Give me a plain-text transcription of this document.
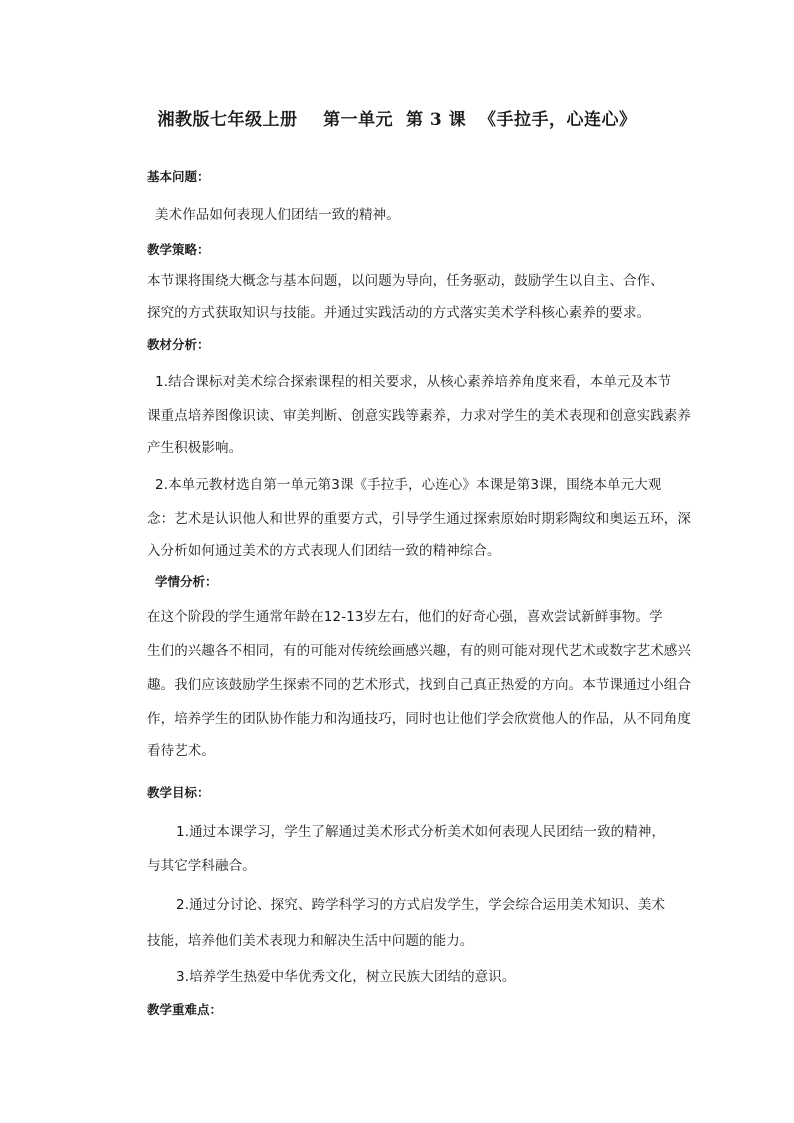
湘教版七年级上册    第一单元  第 3 课  《手拉手，心连心》
基本问题：
美术作品如何表现人们团结一致的精神。
教学策略：
本节课将围绕大概念与基本问题，以问题为导向，任务驱动，鼓励学生以自主、合作、
探究的方式获取知识与技能。并通过实践活动的方式落实美术学科核心素养的要求。
教材分析：
1.结合课标对美术综合探索课程的相关要求，从核心素养培养角度来看，本单元及本节
课重点培养图像识读、审美判断、创意实践等素养，力求对学生的美术表现和创意实践素养
产生积极影响。
2.本单元教材选自第一单元第3课《手拉手，心连心》本课是第3课，围绕本单元大观
念：艺术是认识他人和世界的重要方式，引导学生通过探索原始时期彩陶纹和奥运五环，深
入分析如何通过美术的方式表现人们团结一致的精神综合。
学情分析：
在这个阶段的学生通常年龄在12-13岁左右，他们的好奇心强，喜欢尝试新鲜事物。学
生们的兴趣各不相同，有的可能对传统绘画感兴趣，有的则可能对现代艺术或数字艺术感兴
趣。我们应该鼓励学生探索不同的艺术形式，找到自己真正热爱的方向。本节课通过小组合
作，培养学生的团队协作能力和沟通技巧，同时也让他们学会欣赏他人的作品，从不同角度
看待艺术。
教学目标：
1.通过本课学习，学生了解通过美术形式分析美术如何表现人民团结一致的精神，
与其它学科融合。
2.通过分讨论、探究、跨学科学习的方式启发学生，学会综合运用美术知识、美术
技能，培养他们美术表现力和解决生活中问题的能力。
3.培养学生热爱中华优秀文化，树立民族大团结的意识。
教学重难点：
